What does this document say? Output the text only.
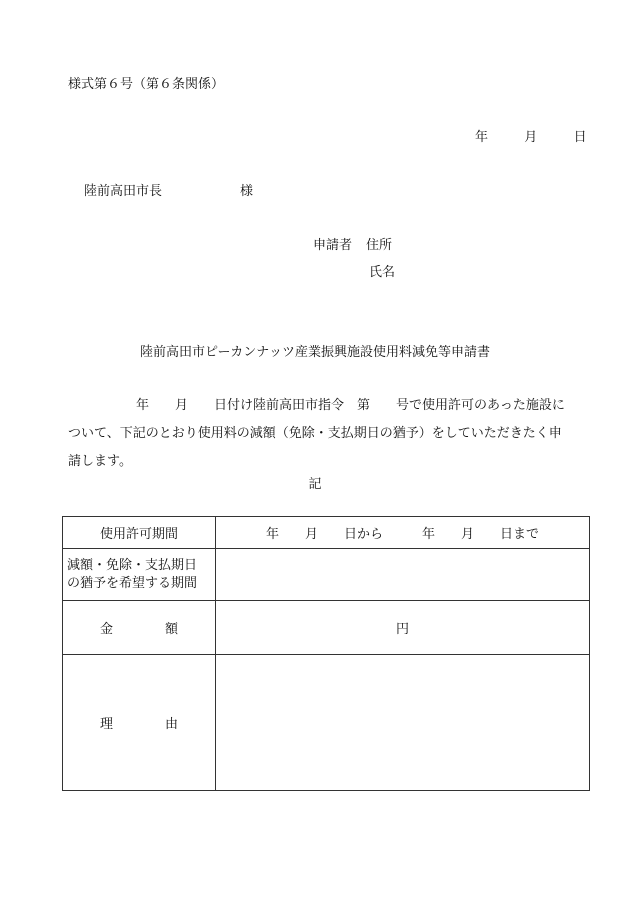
様式第６号（第６条関係）
年	月	日
陸前高田市長	様
申請者 住所
氏名
陸前高田市ピーカンナッツ産業振興施設使用料減免等申請書
年　　月　　日付け陸前高田市指令　第　　号で使用許可のあった施設に
ついて、下記のとおり使用料の減額（免除・支払期日の猶予）をしていただきたく申
請します。
記
使用許可期間	年　　月　　日から　　　年　　月　　日まで

減額・免除・支払期日
の猶予を希望する期間	

金　　　　額	円
理　　　　由	
